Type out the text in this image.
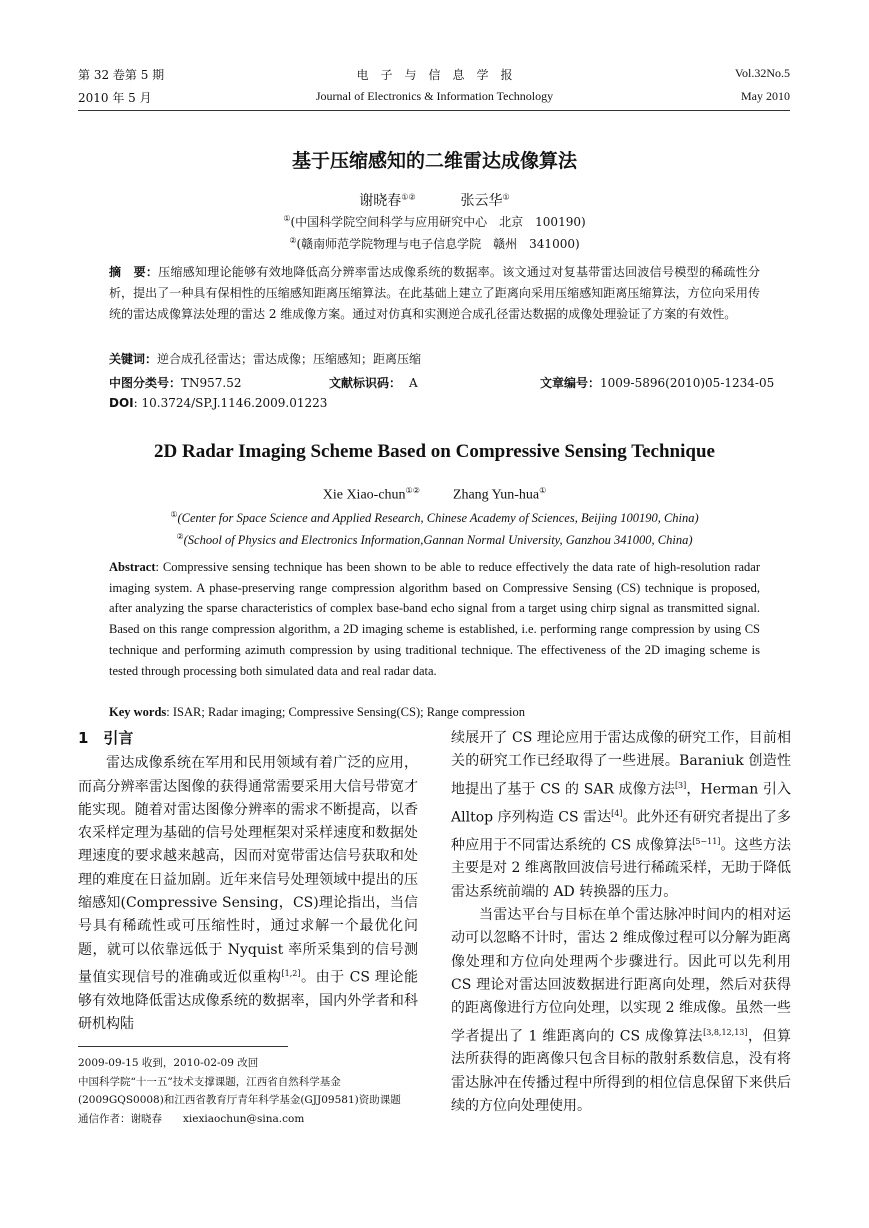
第 32 卷第 5 期
2010 年 5 月
电　子　与　信　息　学　报
Journal of Electronics & Information Technology
Vol.32No.5
May 2010
基于压缩感知的二维雷达成像算法
谢晓春①②	张云华①
①(中国科学院空间科学与应用研究中心　北京　100190)
②(赣南师范学院物理与电子信息学院　赣州　341000)
摘　要：压缩感知理论能够有效地降低高分辨率雷达成像系统的数据率。该文通过对复基带雷达回波信号模型的稀疏性分析，提出了一种具有保相性的压缩感知距离压缩算法。在此基础上建立了距离向采用压缩感知距离压缩算法，方位向采用传统的雷达成像算法处理的雷达 2 维成像方案。通过对仿真和实测逆合成孔径雷达数据的成像处理验证了方案的有效性。
关键词：逆合成孔径雷达；雷达成像；压缩感知；距离压缩
中图分类号：TN957.52	文献标识码： A	文章编号：1009-5896(2010)05-1234-05
DOI: 10.3724/SP.J.1146.2009.01223
2D Radar Imaging Scheme Based on Compressive Sensing Technique
Xie Xiao-chun①② Zhang Yun-hua①
①(Center for Space Science and Applied Research, Chinese Academy of Sciences, Beijing 100190, China)
②(School of Physics and Electronics Information,Gannan Normal University, Ganzhou 341000, China)
Abstract: Compressive sensing technique has been shown to be able to reduce effectively the data rate of high-resolution radar imaging system. A phase-preserving range compression algorithm based on Compressive Sensing (CS) technique is proposed, after analyzing the sparse characteristics of complex base-band echo signal from a target using chirp signal as transmitted signal. Based on this range compression algorithm, a 2D imaging scheme is established, i.e. performing range compression by using CS technique and performing azimuth compression by using traditional technique. The effectiveness of the 2D imaging scheme is tested through processing both simulated data and real radar data.
Key words: ISAR; Radar imaging; Compressive Sensing(CS); Range compression
1　引言

雷达成像系统在军用和民用领域有着广泛的应用，而高分辨率雷达图像的获得通常需要采用大信号带宽才能实现。随着对雷达图像分辨率的需求不断提高，以香农采样定理为基础的信号处理框架对采样速度和数据处理速度的要求越来越高，因而对宽带雷达信号获取和处理的难度在日益加剧。近年来信号处理领域中提出的压缩感知(Compressive Sensing，CS)理论指出，当信号具有稀疏性或可压缩性时，通过求解一个最优化问题，就可以依靠远低于 Nyquist 率所采集到的信号测量值实现信号的准确或近似重构[1,2]。由于 CS 理论能够有效地降低雷达成像系统的数据率，国内外学者和科研机构陆

续展开了 CS 理论应用于雷达成像的研究工作，目前相关的研究工作已经取得了一些进展。Baraniuk 创造性地提出了基于 CS 的 SAR 成像方法[3]，Herman 引入 Alltop 序列构造 CS 雷达[4]。此外还有研究者提出了多种应用于不同雷达系统的 CS 成像算法[5−11]。这些方法主要是对 2 维离散回波信号进行稀疏采样，无助于降低雷达系统前端的 AD 转换器的压力。

当雷达平台与目标在单个雷达脉冲时间内的相对运动可以忽略不计时，雷达 2 维成像过程可以分解为距离像处理和方位向处理两个步骤进行。因此可以先利用 CS 理论对雷达回波数据进行距离向处理，然后对获得的距离像进行方位向处理，以实现 2 维成像。虽然一些学者提出了 1 维距离向的 CS 成像算法[3,8,12,13]，但算法所获得的距离像只包含目标的散射系数信息，没有将雷达脉冲在传播过程中所得到的相位信息保留下来供后续的方位向处理使用。

2009-09-15 收到，2010-02-09 改回
中国科学院“十一五”技术支撑课题，江西省自然科学基金(2009GQS0008)和江西省教育厅青年科学基金(GJJ09581)资助课题
通信作者：谢晓春　　xiexiaochun@sina.com
